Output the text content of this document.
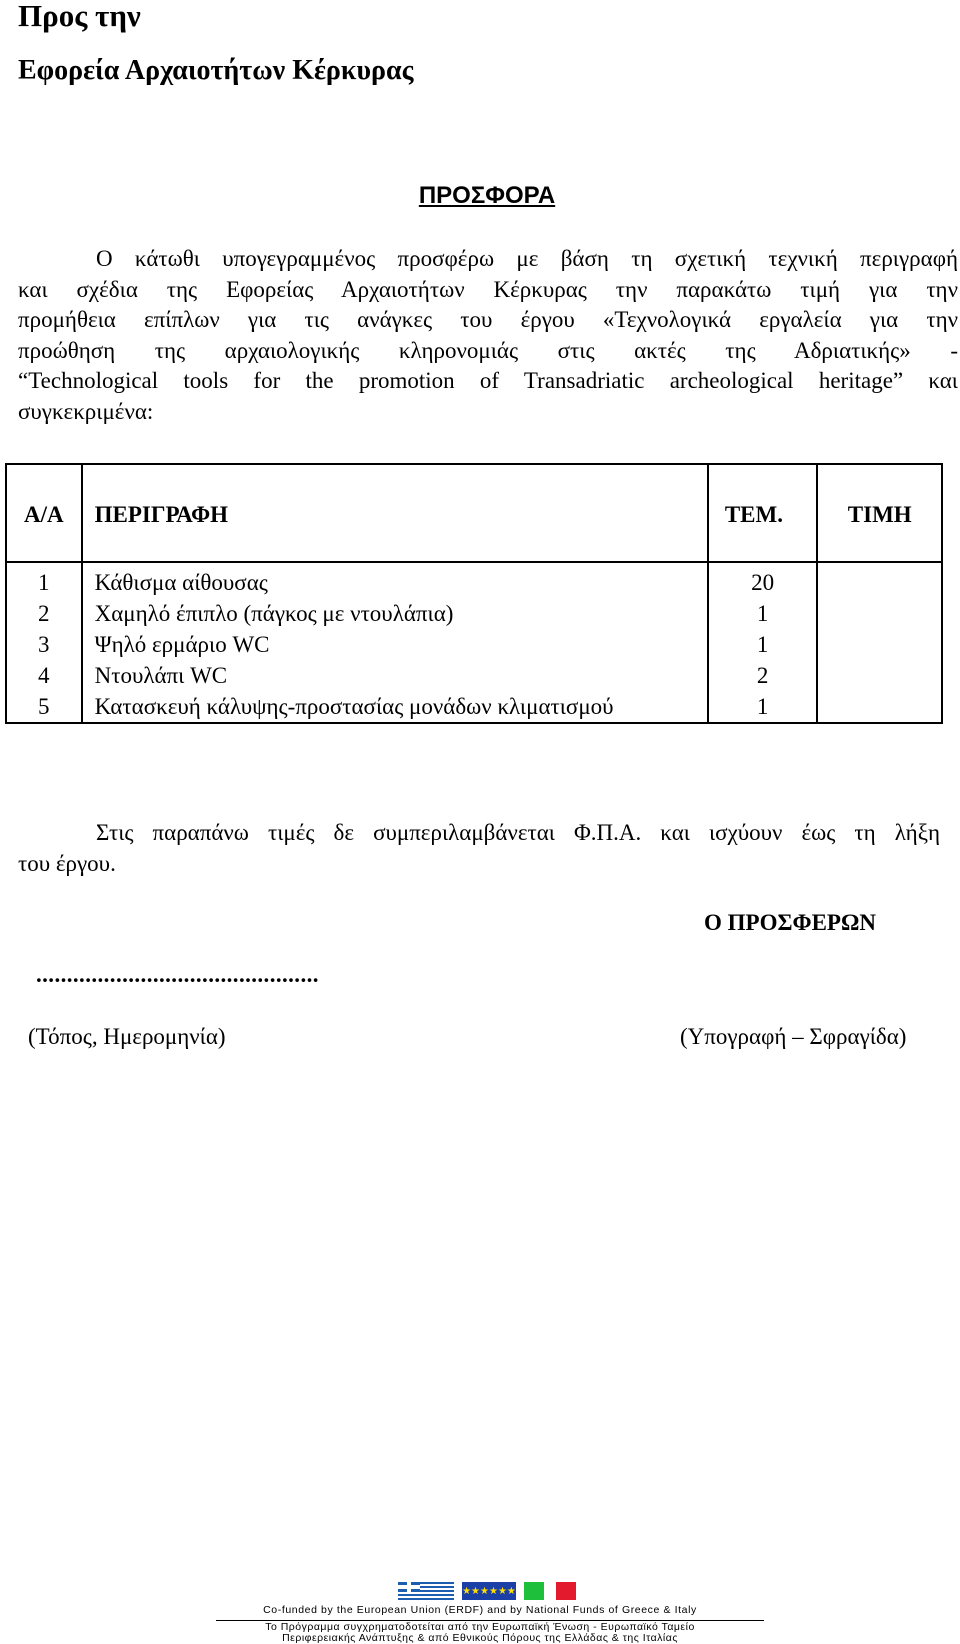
Προς την
Εφορεία Αρχαιοτήτων Κέρκυρας
ΠΡΟΣΦΟΡΑ
Ο κάτωθι υπογεγραμμένος προσφέρω με βάση τη σχετική τεχνική περιγραφή
και σχέδια της Εφορείας Αρχαιοτήτων Κέρκυρας την παρακάτω τιμή για την
προμήθεια επίπλων για τις ανάγκες του έργου «Τεχνολογικά εργαλεία για την
προώθηση της αρχαιολογικής κληρονομιάς στις ακτές της Αδριατικής» -
“Technological tools for the promotion of Transadriatic archeological heritage” και
συγκεκριμένα:
Α/Α	ΠΕΡΙΓΡΑΦΗ	ΤΕΜ.	ΤΙΜΗ
1	Κάθισμα αίθουσας	20	
2	Χαμηλό έπιπλο (πάγκος με ντουλάπια)	1	
3	Ψηλό ερμάριο WC	1	
4	Ντουλάπι WC	2	
5	Κατασκευή κάλυψης-προστασίας μονάδων κλιματισμού	1	
Στις παραπάνω τιμές δε συμπεριλαμβάνεται Φ.Π.Α. και ισχύουν έως τη λήξη
του έργου.
Ο ΠΡΟΣΦΕΡΩΝ
..............................................
(Τόπος, Ημερομηνία)	(Υπογραφή – Σφραγίδα)
★★★★★★
Co-funded by the European Union (ERDF) and by National Funds of Greece & Italy
Το Πρόγραμμα συγχρηματοδοτείται από την Ευρωπαϊκή Ένωση - Ευρωπαϊκό Ταμείο
Περιφερειακής Ανάπτυξης & από Εθνικούς Πόρους της Ελλάδας & της Ιταλίας
